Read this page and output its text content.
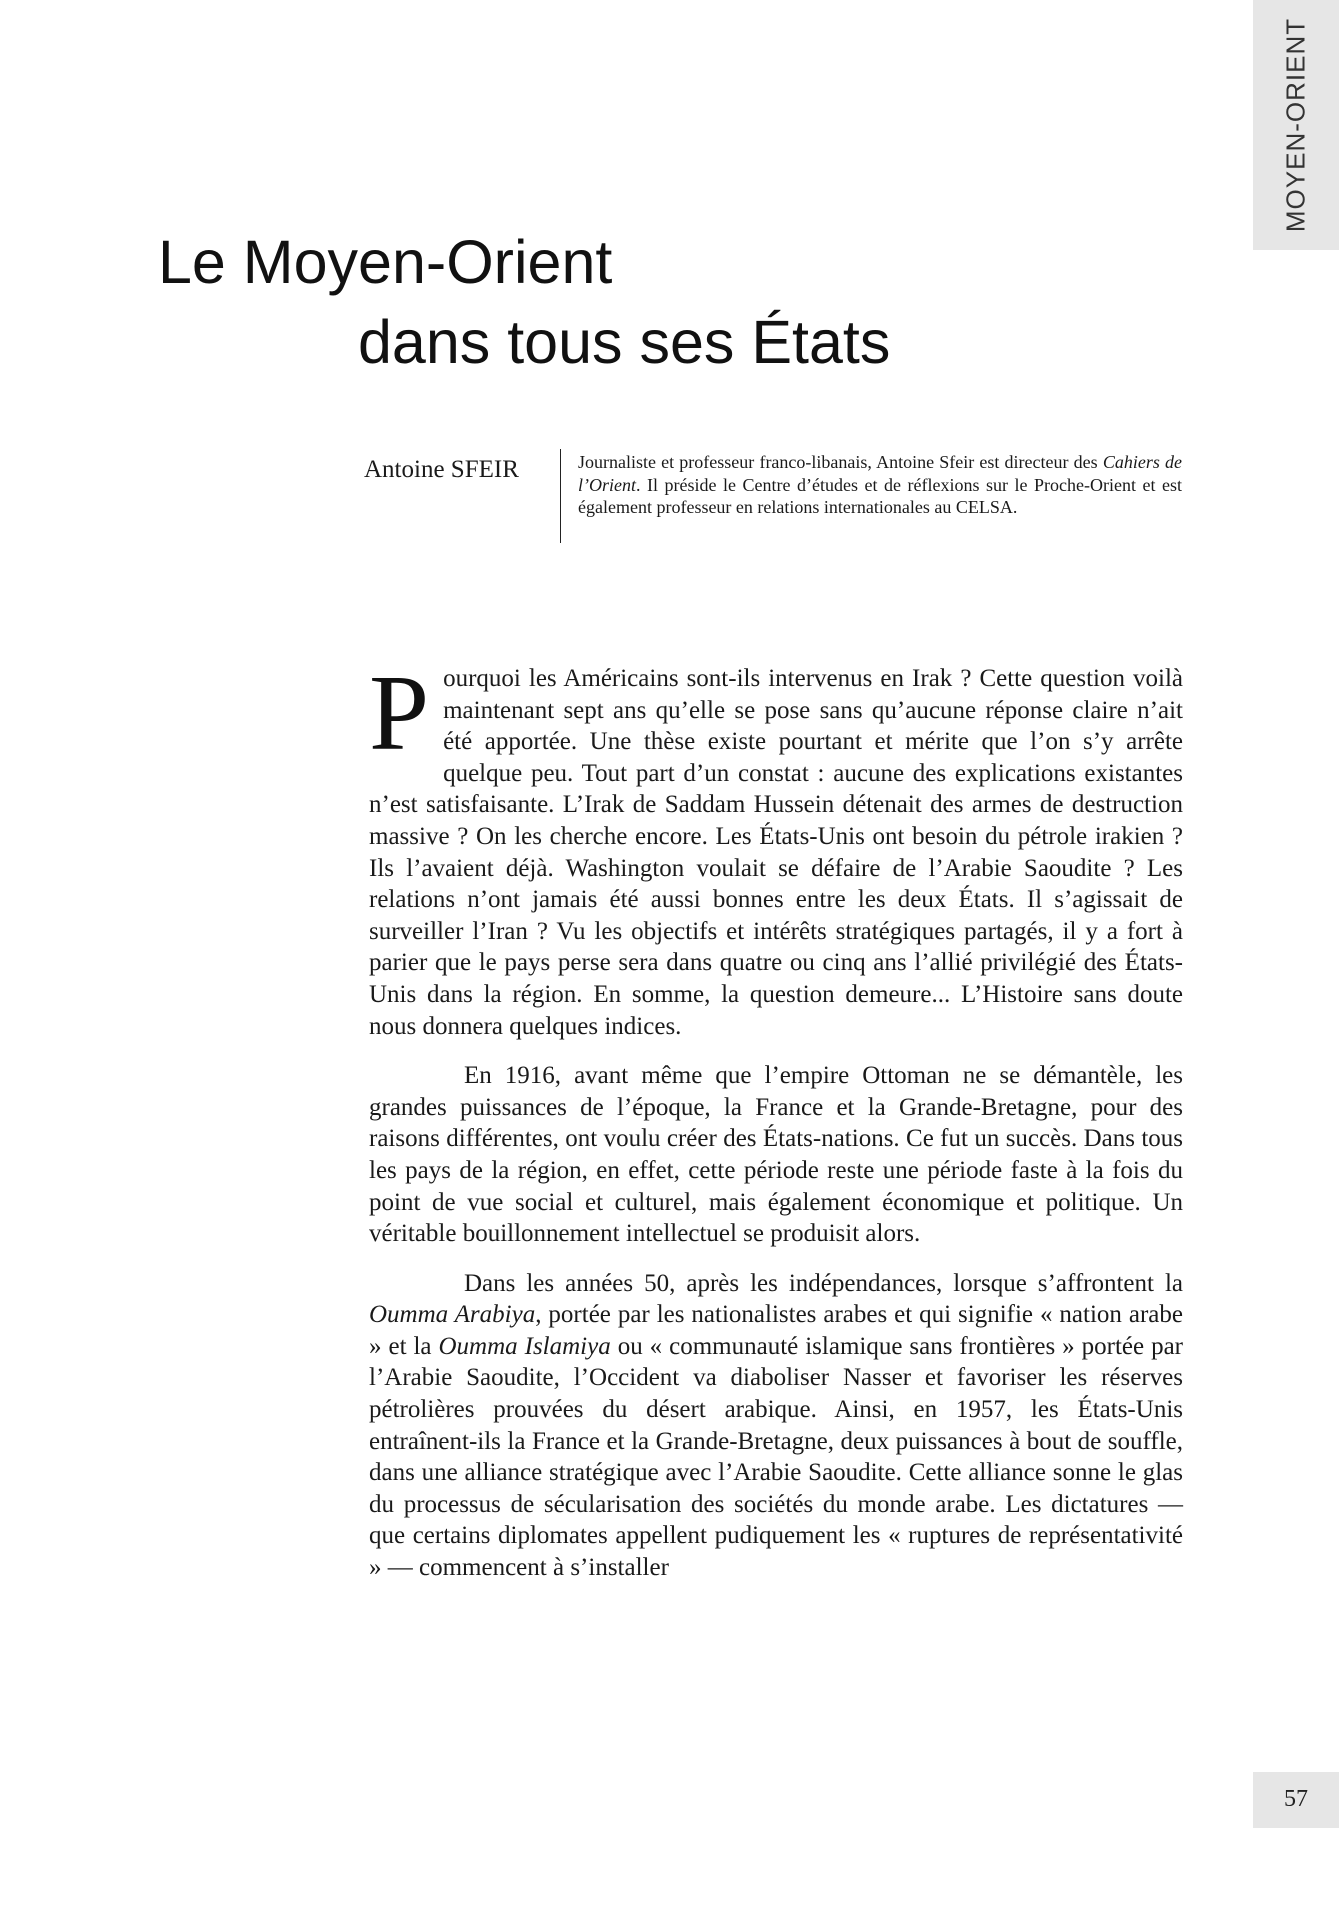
MOYEN-ORIENT
Le Moyen-Orient
dans tous ses États
Antoine SFEIR	Journaliste et professeur franco-libanais, Antoine Sfeir est directeur des Cahiers de l’Orient. Il préside le Centre d’études et de réflexions sur le Proche-Orient et est également professeur en relations internationales au CELSA.

Pourquoi les Américains sont-ils intervenus en Irak ? Cette question voilà maintenant sept ans qu’elle se pose sans qu’aucune réponse claire n’ait été apportée. Une thèse existe pourtant et mérite que l’on s’y arrête quelque peu. Tout part d’un constat : aucune des explications existantes n’est satisfaisante. L’Irak de Saddam Hussein détenait des armes de destruction massive ? On les cherche encore. Les États-Unis ont besoin du pétrole irakien ? Ils l’avaient déjà. Washington voulait se défaire de l’Arabie Saoudite ? Les relations n’ont jamais été aussi bonnes entre les deux États. Il s’agissait de surveiller l’Iran ? Vu les objectifs et intérêts stratégiques partagés, il y a fort à parier que le pays perse sera dans quatre ou cinq ans l’allié privilégié des États-Unis dans la région. En somme, la question demeure... L’Histoire sans doute nous donnera quelques indices.

En 1916, avant même que l’empire Ottoman ne se démantèle, les grandes puissances de l’époque, la France et la Grande-Bretagne, pour des raisons différentes, ont voulu créer des États-nations. Ce fut un succès. Dans tous les pays de la région, en effet, cette période reste une période faste à la fois du point de vue social et culturel, mais également économique et politique. Un véritable bouillonnement intellectuel se produisit alors.

Dans les années 50, après les indépendances, lorsque s’affrontent la Oumma Arabiya, portée par les nationalistes arabes et qui signifie « nation arabe » et la Oumma Islamiya ou « communauté islamique sans frontières » portée par l’Arabie Saoudite, l’Occident va diaboliser Nasser et favoriser les réserves pétrolières prouvées du désert arabique. Ainsi, en 1957, les États-Unis entraînent-ils la France et la Grande-Bretagne, deux puissances à bout de souffle, dans une alliance stratégique avec l’Arabie Saoudite. Cette alliance sonne le glas du processus de sécularisation des sociétés du monde arabe. Les dictatures — que certains diplomates appellent pudiquement les « ruptures de représentativité » — commencent à s’installer

57
